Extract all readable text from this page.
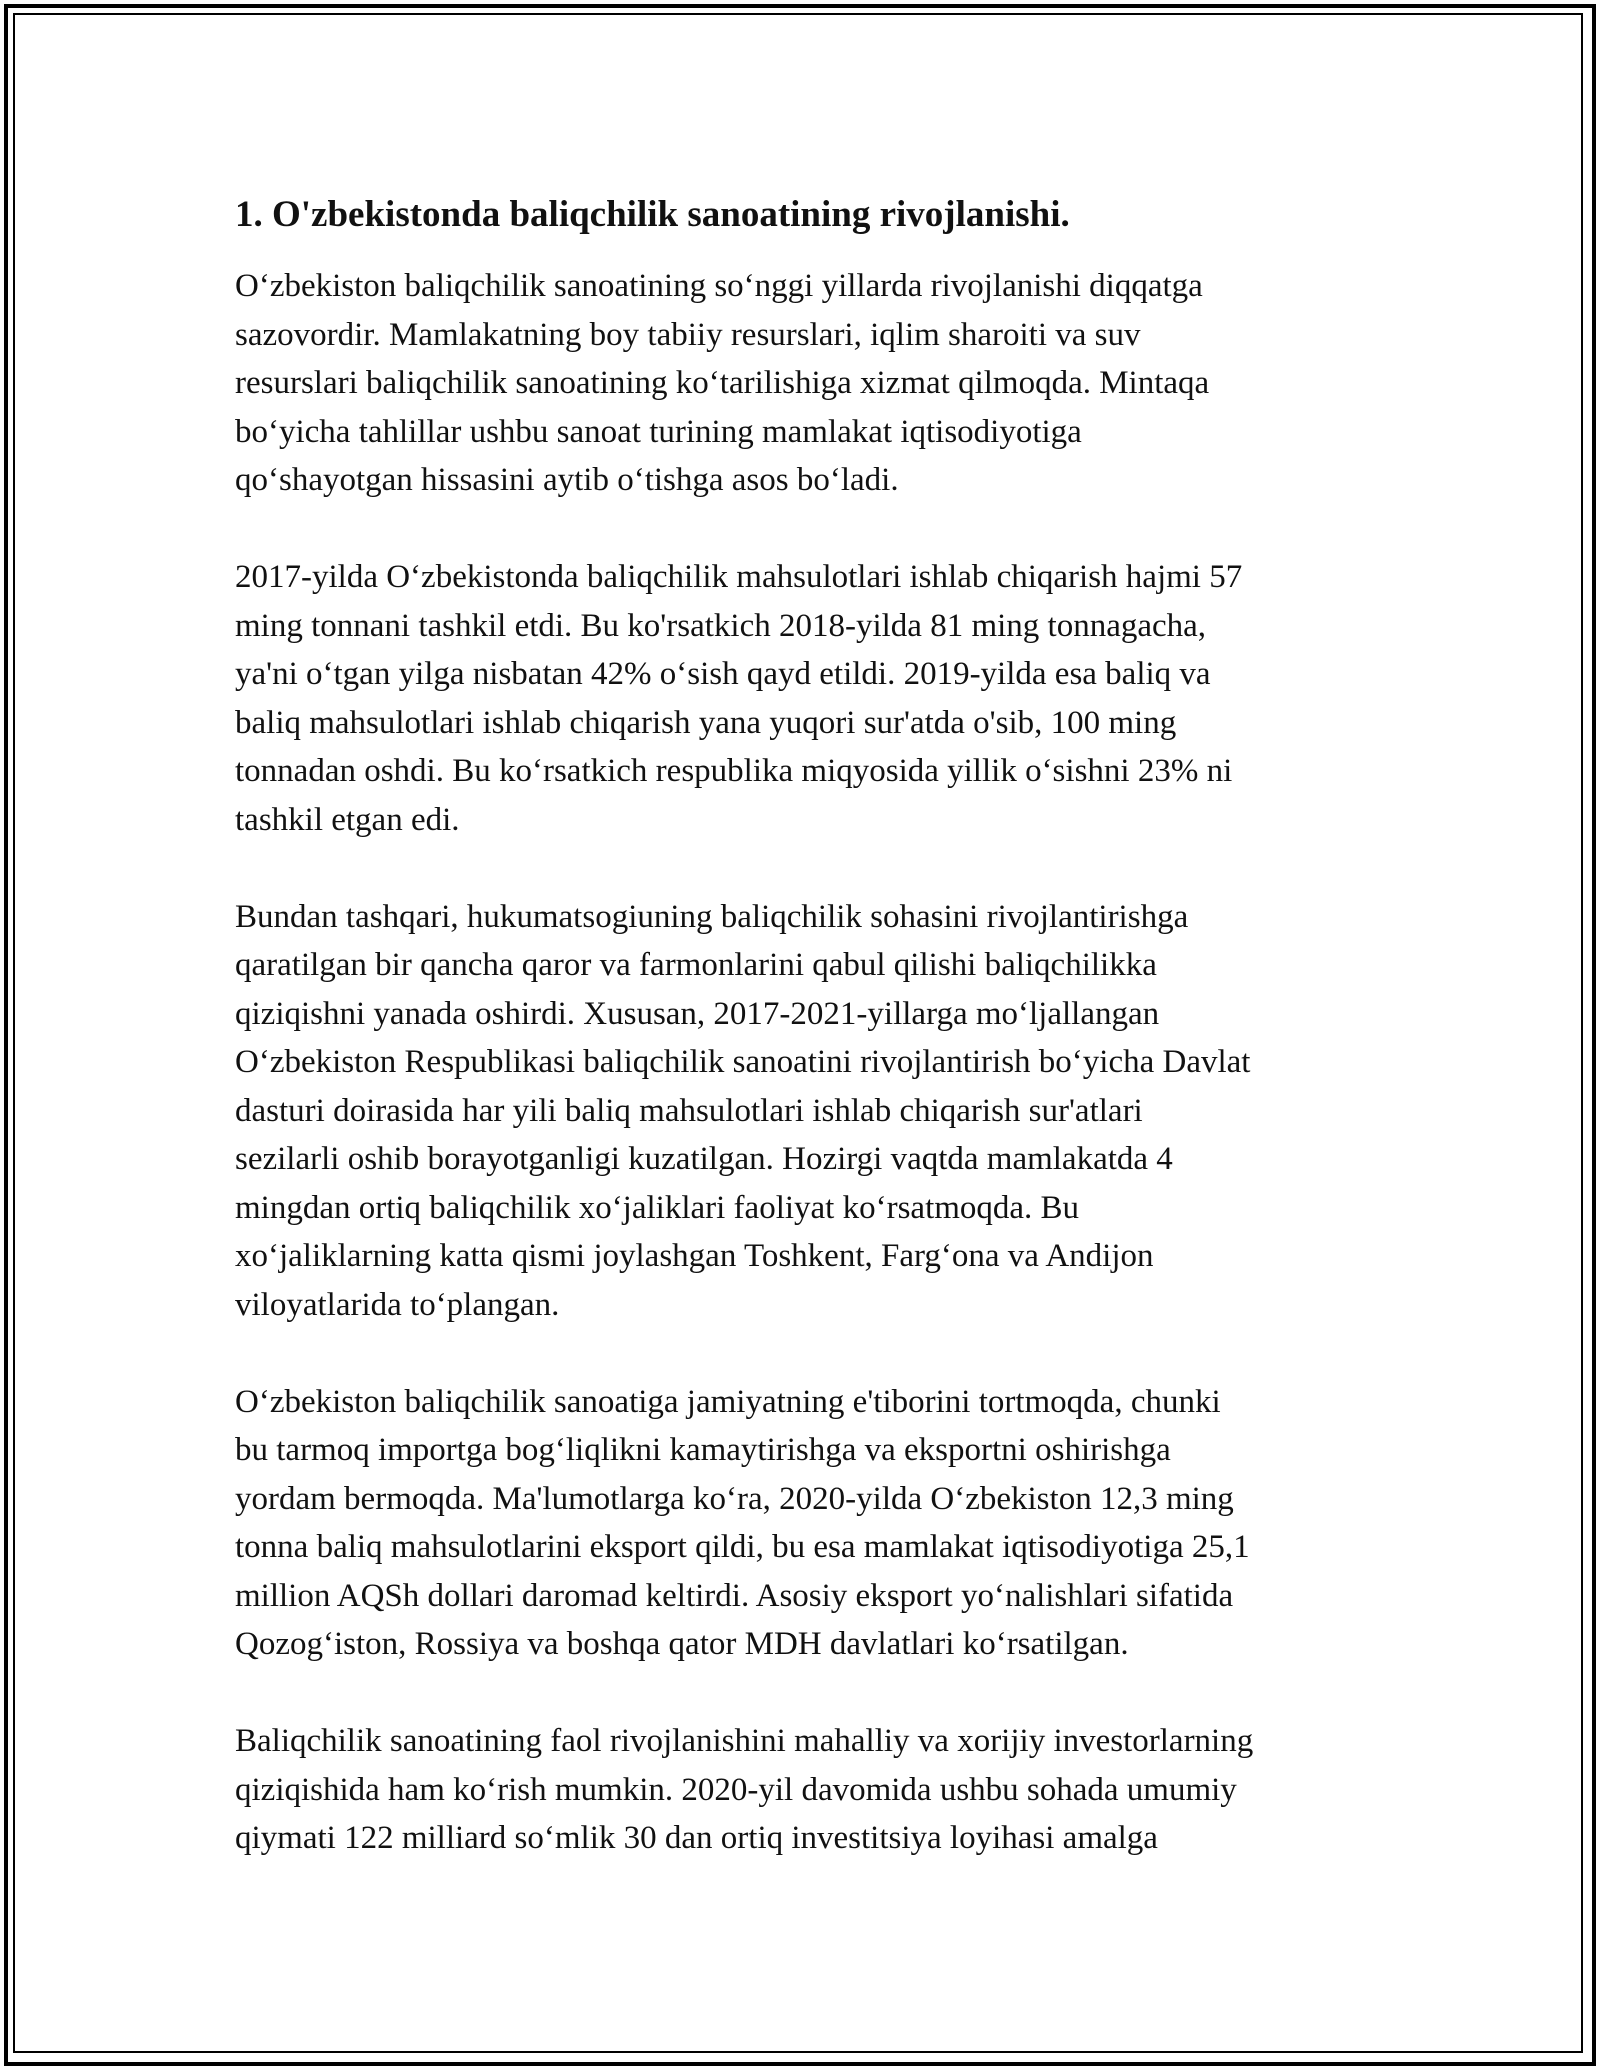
1. O'zbekistonda baliqchilik sanoatining rivojlanishi.

O‘zbekiston baliqchilik sanoatining so‘nggi yillarda rivojlanishi diqqatga
sazovordir. Mamlakatning boy tabiiy resurslari, iqlim sharoiti va suv
resurslari baliqchilik sanoatining ko‘tarilishiga xizmat qilmoqda. Mintaqa
bo‘yicha tahlillar ushbu sanoat turining mamlakat iqtisodiyotiga
qo‘shayotgan hissasini aytib o‘tishga asos bo‘ladi.

2017-yilda O‘zbekistonda baliqchilik mahsulotlari ishlab chiqarish hajmi 57
ming tonnani tashkil etdi. Bu ko'rsatkich 2018-yilda 81 ming tonnagacha,
ya'ni o‘tgan yilga nisbatan 42% o‘sish qayd etildi. 2019-yilda esa baliq va
baliq mahsulotlari ishlab chiqarish yana yuqori sur'atda o'sib, 100 ming
tonnadan oshdi. Bu ko‘rsatkich respublika miqyosida yillik o‘sishni 23% ni
tashkil etgan edi.

Bundan tashqari, hukumatsogiuning baliqchilik sohasini rivojlantirishga
qaratilgan bir qancha qaror va farmonlarini qabul qilishi baliqchilikka
qiziqishni yanada oshirdi. Xususan, 2017-2021-yillarga mo‘ljallangan
O‘zbekiston Respublikasi baliqchilik sanoatini rivojlantirish bo‘yicha Davlat
dasturi doirasida har yili baliq mahsulotlari ishlab chiqarish sur'atlari
sezilarli oshib borayotganligi kuzatilgan. Hozirgi vaqtda mamlakatda 4
mingdan ortiq baliqchilik xo‘jaliklari faoliyat ko‘rsatmoqda. Bu
xo‘jaliklarning katta qismi joylashgan Toshkent, Farg‘ona va Andijon
viloyatlarida to‘plangan.

O‘zbekiston baliqchilik sanoatiga jamiyatning e'tiborini tortmoqda, chunki
bu tarmoq importga bog‘liqlikni kamaytirishga va eksportni oshirishga
yordam bermoqda. Ma'lumotlarga ko‘ra, 2020-yilda O‘zbekiston 12,3 ming
tonna baliq mahsulotlarini eksport qildi, bu esa mamlakat iqtisodiyotiga 25,1
million AQSh dollari daromad keltirdi. Asosiy eksport yo‘nalishlari sifatida
Qozog‘iston, Rossiya va boshqa qator MDH davlatlari ko‘rsatilgan.

Baliqchilik sanoatining faol rivojlanishini mahalliy va xorijiy investorlarning
qiziqishida ham ko‘rish mumkin. 2020-yil davomida ushbu sohada umumiy
qiymati 122 milliard so‘mlik 30 dan ortiq investitsiya loyihasi amalga
